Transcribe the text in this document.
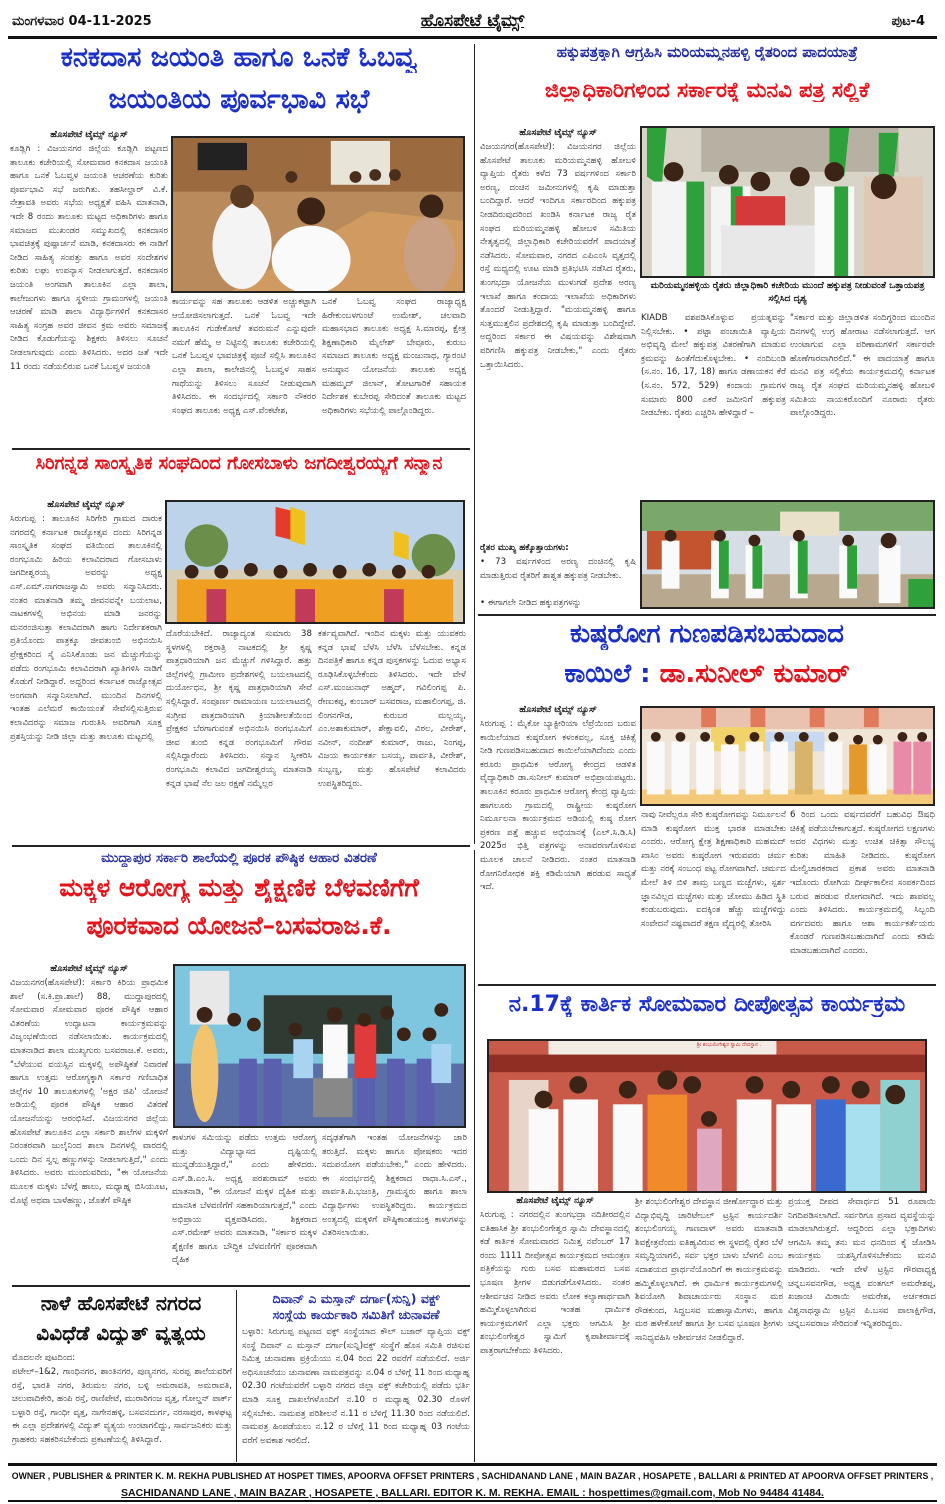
ಮಂಗಳವಾರ 04-11-2025	ಹೊಸಪೇಟೆ ಟೈಮ್ಸ್	ಪುಟ-4
ಕನಕದಾಸ ಜಯಂತಿ ಹಾಗೂ ಒನಕೆ ಓಬವ್ವ
ಜಯಂತಿಯ ಪೂರ್ವಭಾವಿ ಸಭೆ
ಹೊಸಪೇಟೆ ಟೈಮ್ಸ್ ನ್ಯೂಸ್
ಕೂಡ್ಲಿಗಿ : ವಿಜಯನಗರ ಜಿಲ್ಲೆಯ ಕೂಡ್ಲಿಗಿ ಪಟ್ಟಣದ ತಾಲೂಕು ಕಚೇರಿಯಲ್ಲಿ ಸೋಮವಾರ ಕನಕದಾಸ ಜಯಂತಿ ಹಾಗೂ ಒನಕೆ ಓಬವ್ವಳ ಜಯಂತಿ ಆಚರಣೆಯ ಕುರಿತು ಪೂರ್ವಭಾವಿ ಸಭೆ ಜರುಗಿತು. ತಹಸೀಲ್ದಾರ್ ವಿ.ಕೆ. ನೇತ್ರಾವತಿ ಅವರು ಸಭೆಯ ಅಧ್ಯಕ್ಷತೆ ವಹಿಸಿ ಮಾತನಾಡಿ, ಇದೇ 8 ರಂದು ತಾಲೂಕು ಮಟ್ಟದ ಅಧಿಕಾರಿಗಳು ಹಾಗೂ ಸಮಾಜದ ಮುಖಂಡರ ಸಮ್ಮುಖದಲ್ಲಿ ಕನಕದಾಸರ ಭಾವಚಿತ್ರಕ್ಕೆ ಪುಷ್ಪಾರ್ಚನೆ ಮಾಡಿ, ಕನಕದಾಸರು ಈ ನಾಡಿಗೆ ನೀಡಿದ ಸಾಹಿತ್ಯ ಸಂಪತ್ತು ಹಾಗೂ ಅವರ ಸಂದೇಶಗಳ ಕುರಿತು ಲಘು ಉಪನ್ಯಾಸ ನೀಡಲಾಗುತ್ತದೆ. ಕನಕದಾಸರ ಜಯಂತಿ ಅಂಗವಾಗಿ ತಾಲೂಕಿನ ಎಲ್ಲಾ ಶಾಲಾ, ಕಾಲೇಜುಗಳು ಹಾಗೂ ಸ್ಥಳೀಯ ಗ್ರಾಮಂಗಳಲ್ಲಿ ಜಯಂತಿ ಆಚರಣೆ ಮಾಡಿ ಶಾಲಾ ವಿದ್ಯಾರ್ಥಿಗಳಿಗೆ ಕನಕದಾಸರ ಸಾಹಿತ್ಯ ಸಂಗ್ರಹ ಅವರ ಜೀವನ ಕ್ರಮ ಅವರು ಸಮಾಜಕ್ಕೆ ನೀಡಿದ ಕೊಡುಗೆಯನ್ನು ಶಿಕ್ಷಕರು ತಿಳಿಸಲು ಸೂಚನೆ ನೀಡಲಾಗುವುದು ಎಂದು ತಿಳಿಸಿದರು. ಅದರ ಜತೆ ಇದೇ 11 ರಂದು ನಡೆಯಲಿರುವ ಒನಕೆ ಓಬವ್ವಳ ಜಯಂತಿ
ಕಾರ್ಯವನ್ನು ಸಹ ತಾಲೂಕು ಆಡಳಿತ ಅಚ್ಚುಕಟ್ಟಾಗಿ ಆಯೋಜಿಸಲಾಗುತ್ತದೆ. ಒನಕೆ ಓಬವ್ವ ಇದೇ ತಾಲೂಕಿನ ಗುಡೇಕೋಟೆ ತವರುಮನೆ ಎನ್ನುವುದೇ ನಮಗೆ ಹೆಮ್ಮೆ ಆ ನಿಟ್ಟಿನಲ್ಲಿ ತಾಲೂಕು ಕಚೇರಿಯಲ್ಲಿ ಒನಕೆ ಓಬವ್ವಳ ಭಾವಚಿತ್ರಕ್ಕೆ ಪೂಜೆ ಸಲ್ಲಿಸಿ ತಾಲೂಕಿನ ಎಲ್ಲಾ ಶಾಲಾ, ಕಾಲೇಜಿನಲ್ಲಿ ಓಬವ್ವಳ ಸಾಹಸ ಗಾಥೆಯನ್ನು ತಿಳಿಸಲು ಸೂಚನೆ ನೀಡುವುದಾಗಿ ತಿಳಿಸಿದರು. ಈ ಸಂದರ್ಭದಲ್ಲಿ ಸರ್ಕಾರಿ ನೌಕರರ ಸಂಘದ ತಾಲೂಕು ಅಧ್ಯಕ್ಷ ಎಸ್.ವೆಂಕಟೇಶ,
ಒನಕೆ ಓಬವ್ವ ಸಂಘದ ರಾಜ್ಯಾಧ್ಯಕ್ಷ ಹಿರೇಕುಂಬಳಗುಂಟೆ ಉಮೇಶ್, ಚಲವಾದಿ ಮಹಾಸಭಾದ ತಾಲೂಕು ಅಧ್ಯಕ್ಷ ಸಿ.ಮಾರಪ್ಪ, ಕ್ಷೇತ್ರ ಶಿಕ್ಷಣಾಧಿಕಾರಿ ಮೈಲೇಶ್ ಬೇವೂರು, ಕುರುಬ ಸಮಾಜದ ತಾಲೂಕು ಅಧ್ಯಕ್ಷ ಮಂಜುನಾಥ, ಗ್ಯಾರಂಟಿ ಅನುಷ್ಠಾನ ಯೋಜನೆಯ ತಾಲೂಕು ಅಧ್ಯಕ್ಷ ಮಹಮ್ಮದ್ ಜಿಲಾನ್, ತೋಟಗಾರಿಕೆ ಸಹಾಯಕ ನಿರ್ದೇಶಕ ಕುಬೇರಪ್ಪ ಸೇರಿದಂತೆ ತಾಲೂಕು ಮಟ್ಟದ ಅಧಿಕಾರಿಗಳು ಸಭೆಯಲ್ಲಿ ಪಾಲ್ಗೊಂಡಿದ್ದರು.
ಸಿರಿಗನ್ನಡ ಸಾಂಸ್ಕೃತಿಕ ಸಂಘದಿಂದ ಗೋಸಬಾಳು ಜಗದೀಶ್ವರಯ್ಯಗೆ ಸನ್ಮಾನ
ಹೊಸಪೇಟೆ ಟೈಮ್ಸ್ ನ್ಯೂಸ್
ಸಿರುಗುಪ್ಪ : ತಾಲೂಕಿನ ಸಿರಿಗೇರಿ ಗ್ರಾಮದ ದಾರುಕ ನಗರದಲ್ಲಿ ಕರ್ನಾಟಕ ರಾಜ್ಯೋತ್ಸವ ದಂದು ಸಿರಿಗನ್ನಡ ಸಾಂಸ್ಕೃತಿಕ ಸಂಘದ ವತಿಯಿಂದ ತಾಲೂಕಿನಲ್ಲಿ ರಂಗಭೂಮಿ ಹಿರಿಯ ಕಲಾವಿದರಾದ ಗೋಸಬಾಳು ಜಗದೀಶ್ವರಯ್ಯ ಅವರನ್ನು ಅಧ್ಯಕ್ಷ ಎಸ್.ಎಮ್.ನಾಗರಾಜಸ್ವಾಮಿ ಅವರು ಸನ್ಮಾನಿಸಿದರು. ನಂತರ ಮಾತನಾಡಿ ತಮ್ಮ ಜೀವನವನ್ನೇ ಬಯಲಾಟ, ನಾಟಕಗಳಲ್ಲಿ ಅಭಿನಯ ಮಾಡಿ ಜನರನ್ನು ಮನರಂಜಿಸುತ್ತಾ ಕಲಾವಿದರಾಗಿ ಹಾಗು ನಿರ್ದೇಶಕರಾಗಿ ಪ್ರತಿಯೊಂದು ಪಾತ್ರಕ್ಕೂ ಜೀವತುಂಬಿ ಅಭಿನಯಿಸಿ ಪ್ರೇಕ್ಷಕರಿಂದ ಸೈ ಎನಿಸಿಕೊಂಡು ಜನ ಮೆಚ್ಚುಗೆಯನ್ನು ಪಡೆದು ರಂಗಭೂಮಿ ಕಲಾವಿದರಾಗಿ ಖ್ಯಾತಿಗಳಿಸಿ ನಾಡಿಗೆ ಕೊಡುಗೆ ನೀಡಿದ್ದಾರೆ. ಅದ್ದರಿಂದ ಕರ್ನಾಟಕ ರಾಜ್ಯೋತ್ಸವ ಅಂಗವಾಗಿ ಸನ್ಮಾನಿಸಲಾಗಿದೆ. ಮುಂದಿನ ದಿನಗಳಲ್ಲಿ ಇಂತಹ ಎಲೆಮರೆ ಕಾಯಿಯಂತೆ ಸೇವೆಸಲ್ಲಿಸುತ್ತಿರುವ ಕಲಾವಿದರನ್ನು ಸಮಾಜ ಗುರುತಿಸಿ ಅವರಿಗಾಗಿ ಸೂಕ್ತ ಪ್ರಶಸ್ತಿಯನ್ನು ನೀಡಿ ಜಿಲ್ಲಾ ಮತ್ತು ತಾಲೂಕು ಮಟ್ಟದಲ್ಲಿ
ದೊರೆಯಬೇಕಿದೆ. ರಾಜ್ಯಾದ್ಯಂತ ಸುಮಾರು 38 ಸ್ಥಳಗಳಲ್ಲಿ ರಕ್ತರಾತ್ರಿ ನಾಟಕದಲ್ಲಿ ಶ್ರೀ ಕೃಷ್ಣ ಪಾತ್ರಧಾರಿಯಾಗಿ ಜನ ಮೆಚ್ಚುಗೆ ಗಳಿಸಿದ್ದಾರೆ. ಹತ್ತು ಜಿಲ್ಲೆಗಳಲ್ಲಿ ಗ್ರಾಮೀಣ ಪ್ರದೇಶಗಳಲ್ಲಿ ಬಯಲಾಟದಲ್ಲಿ ದುರ್ಯೋಧನ, ಶ್ರೀ ಕೃಷ್ಣ ಪಾತ್ರಧಾರಿಯಾಗಿ ಸೇವೆ ಸಲ್ಲಿಸಿದ್ದಾರೆ. ಸಂಪೂರ್ಣ ರಾಮಾಯಣ ಬಯಲಾಟದಲ್ಲಿ ಸುಗ್ರೀವ ಪಾತ್ರದಾರಿಯಾಗಿ ಕ್ರಿಯಾಶೀಲತೆಯಿಂದ ಪ್ರೇಕ್ಷಕರ ಬೆರಗಾಗುವಂತೆ ಅಭಿನಯಿಸಿ ರಂಗಭೂಮಿಗೆ ಜೀವ ತುಂಬಿ ಕನ್ನಡ ರಂಗಭೂಮಿಗೆ ಗೌರವ ಸಲ್ಲಿಸಿದ್ದಾರೆಂದು ತಿಳಿಸಿದರು. ಸನ್ಮಾನ ಸ್ವೀಕರಿಸಿ ರಂಗಭೂಮಿ ಕಲಾವಿದ ಜಗದೀಶ್ವರಯ್ಯ ಮಾತನಾಡಿ ಕನ್ನಡ ಭಾಷೆ ನೆಲ ಜಲ ರಕ್ಷಣೆ ನಮ್ಮೆಲ್ಲರ
ಕರ್ತವ್ಯವಾಗಿದೆ. ಇಂದಿನ ಮಕ್ಕಳು ಮತ್ತು ಯುವಕರು ಕನ್ನಡ ಭಾಷೆ ಬೆಳೆಸಿ ಬೆಳೆಸಿ ಬೆಳೆಸಬೇಕು. ಕನ್ನಡ ದಿನಪತ್ರಿಕೆ ಹಾಗೂ ಕನ್ನಡ ಪುಸ್ತಕಗಳನ್ನು ಓದುವ ಅಭ್ಯಾಸ ರೂಢಿಸಿಕೊಳ್ಳಬೇಕೆಂದು ತಿಳಿಸಿದರು. ಇದೇ ವೇಳೆ ಎಸ್.ಮಂಜುನಾಥ್ ಅಹ್ಮದ್, ಗವಿಲಿಂಗಪ್ಪ ಪಿ. ರೇಣುಕಪ್ಪ, ಕುಂಬಾರ್ ಬಸವರಾಜ, ಮಹಾಲಿಂಗಪ್ಪ, ಜಿ. ಲಿಂಗನಗೌಡ, ಕುರುಬರ ಮಲ್ಲಯ್ಯ, ಎಂ.ಅಶಾಕುಮಾರ್, ಶೇಕ್ಷಾವಲಿ, ವಿಠಲ, ವೀರೇಶ್, ನವೀನ್, ನಂದೀಶ್ ಕುಮಾರ್, ರಾಜು, ನಿಂಗಪ್ಪ, ವಿಜಯ ಕಾರ್ಯಕರ್ತ ಬಸಯ್ಯ, ಪಾರ್ವತಿ, ವೀರೇಶ್, ಸುಬ್ಬಣ್ಣ, ಮತ್ತು ಹೊಸಪೇಟೆ ಕಲಾವಿದರು ಉಪಸ್ಥಿತರಿದ್ದರು.
ಮುದ್ದಾಪುರ ಸರ್ಕಾರಿ ಶಾಲೆಯಲ್ಲಿ ಪೂರಕ ಪೌಷ್ಠಿಕ ಆಹಾರ ವಿತರಣೆ
ಮಕ್ಕಳ ಆರೋಗ್ಯ ಮತ್ತು ಶೈಕ್ಷಣಿಕ ಬೆಳವಣಿಗೆಗೆ
ಪೂರಕವಾದ ಯೋಜನೆ–ಬಸವರಾಜ.ಕೆ.
ಹೊಸಪೇಟೆ ಟೈಮ್ಸ್ ನ್ಯೂಸ್
ವಿಜಯನಗರ(ಹೊಸಪೇಟೆ): ಸರ್ಕಾರಿ ಕಿರಿಯ ಪ್ರಾಥಮಿಕ ಶಾಲೆ (ಸ.ಕಿ.ಪ್ರಾ.ಶಾಲೆ) 88, ಮುದ್ದಾಪುರದಲ್ಲಿ ಸೋಮವಾರ ಸೋಮವಾರ ಪೂರಕ ಪೌಷ್ಠಿಕ ಆಹಾರ ವಿತರಣೆಯ ಉದ್ಘಾಟನಾ ಕಾರ್ಯಕ್ರಮವನ್ನು ವಿಜೃಂಭಣೆಯಿಂದ ನಡೆಸಲಾಯಿತು. ಕಾರ್ಯಕ್ರಮದಲ್ಲಿ ಮಾತನಾಡಿದ ಶಾಲಾ ಮುಖ್ಯಗುರು ಬಸವರಾಜ.ಕೆ. ಅವರು, "ಬೆಳೆಯುವ ವಯಸ್ಸಿನ ಮಕ್ಕಳಲ್ಲಿ ಅಪೌಷ್ಠಿಕತೆ ನಿವಾರಣೆ ಹಾಗೂ ಉತ್ತಮ ಆರೋಗ್ಯಕ್ಕಾಗಿ ಸರ್ಕಾರ ಗಣಿಬಾಧಿತ ಜಿಲ್ಲೆಗಳ 10 ತಾಲೂಕುಗಳಲ್ಲಿ 'ಅಕ್ಷರ ಜಿಪಿ' ಯೋಜನೆ ಅಡಿಯಲ್ಲಿ ಪೂರಕ ಪೌಷ್ಠಿಕ ಆಹಾರ ವಿತರಣೆ ಯೋಜನೆಯನ್ನು ಆರಂಭಿಸಿದೆ. ವಿಜಯನಗರ ಜಿಲ್ಲೆಯ ಹೊಸಪೇಟೆ ತಾಲೂಕಿನ ಎಲ್ಲಾ ಸರ್ಕಾರಿ ಶಾಲೆಗಳ ಮಕ್ಕಳಿಗೆ ನಿರಂತರವಾಗಿ ಜುಲೈನಿಂದ ಶಾಲಾ ದಿನಗಳಲ್ಲಿ ವಾರದಲ್ಲಿ ಒಂದು ದಿನ ಸ್ವಲ್ಪ ಹಣ್ಣುಗಳನ್ನು ನೀಡಲಾಗುತ್ತಿದೆ," ಎಂದು ತಿಳಿಸಿದರು. ಅವರು ಮುಂದುವರಿದು, "ಈ ಯೋಜನೆಯ ಮೂಲಕ ಮಕ್ಕಳು ಬೆಳಗ್ಗೆ ಹಾಲು, ಮಧ್ಯಾಹ್ನ ಬಿಸಿಯೂಟ, ಮೊಟ್ಟೆ ಅಥವಾ ಬಾಳೆಹಣ್ಣು, ಜೊತೆಗೆ ಪೌಷ್ಠಿಕ
ಕಾಳುಗಳ ಸಮಿಯನ್ನು ಪಡೆದು ಉತ್ತಮ ಆರೋಗ್ಯ ಮತ್ತು ವಿದ್ಯಾಭ್ಯಾಸದ ದೃಷ್ಟಿಯಲ್ಲಿ ಮುನ್ನಡೆಯುತ್ತಿದ್ದಾರೆ," ಎಂದು ಹೇಳಿದರು. ಎಸ್.ಡಿ.ಎಂ.ಸಿ. ಅಧ್ಯಕ್ಷ ಪರಶುರಾಮ್ ಅವರು ಮಾತನಾಡಿ, "ಈ ಯೋಜನೆ ಮಕ್ಕಳ ದೈಹಿಕ ಮತ್ತು ಮಾನಸಿಕ ಬೆಳವಣಿಗೆಗೆ ಸಹಕಾರಿಯಾಗುತ್ತದೆ," ಎಂದು ಅಭಿಪ್ರಾಯ ವ್ಯಕ್ತಪಡಿಸಿದರು. ಶಿಕ್ಷಕರಾದ ಎಸ್.ರಮೇಶ್ ಅವರು ಮಾತನಾಡಿ, "ಸರ್ಕಾರ ಮಕ್ಕಳ ಶೈಕ್ಷಣಿಕ ಹಾಗೂ ಬೌದ್ಧಿಕ ಬೆಳವಣಿಗೆಗೆ ಪೂರಕವಾಗಿ ದೈಹಿಕ
ಸದೃಢತೆಗಾಗಿ ಇಂತಹ ಯೋಜನೆಗಳನ್ನು ಜಾರಿ ತರುತ್ತಿದೆ. ಮಕ್ಕಳು ಹಾಗೂ ಪೋಷಕರು ಇದರ ಸದುಪಯೋಗ ಪಡೆಯಬೇಕು," ಎಂದು ಹೇಳಿದರು. ಈ ಸಂದರ್ಭದಲ್ಲಿ ಶಿಕ್ಷಕರಾದ ರಾಧಾ.ಸಿ.ಎಸ್., ಪಾರ್ವತಿ.ಪಿ.ಭಜಂತ್ರಿ, ಗ್ರಾಮಸ್ಥರು ಹಾಗೂ ಶಾಲಾ ವಿದ್ಯಾರ್ಥಿಗಳು ಉಪಸ್ಥಿತರಿದ್ದರು. ಕಾರ್ಯಕ್ರಮದ ಅಂತ್ಯದಲ್ಲಿ ಮಕ್ಕಳಿಗೆ ಪೌಷ್ಠಿಕಾಂಶಯುಕ್ತ ಕಾಳುಗಳನ್ನು ವಿತರಿಸಲಾಯಿತು.
ನಾಳೆ ಹೊಸಪೇಟೆ ನಗರದ
ವಿವಿಧೆಡೆ ವಿದ್ಯುತ್ ವ್ಯತ್ಯಯ
ಮೊದಲನೇ ಪುಟದಿಂದ:
ಪಟೇಲ್–1&2, ಗಾಂಧಿನಗರ, ಶಾಂತಿನಗರ, ಪುಣ್ಯನಗರ, ಸುರಪ್ಪ ಶಾಲೆಯವರಿಗೆ ರಸ್ತೆ, ಭಾರತಿ ನಗರ, ತಿರುಮಲ ನಗರ, ಬಳ್ಳಿ ಅಮರಾವತಿ, ಅಮರಾವತಿ, ಚಲುವಾದಿಕೇರಿ, ಹಂಪಿ ರಸ್ತೆ, ರಾಣಿಪೇಟೆ, ಮುರಾರಿಗಂಜ ವೃತ್ತ, ಗೋಲ್ಡನ್ ಪಾರ್ಕ್ ಬಳ್ಳಾರಿ ರಸ್ತೆ, ಗಾಂಧೀ ವೃತ್ತ, ನಾಗೇನಹಳ್ಳಿ, ಬಸವನದುರ್ಗ, ನರಸಾಪುರ, ಕಾಳಘಟ್ಟ ಈ ಎಲ್ಲಾ ಪ್ರದೇಶಗಳಲ್ಲಿ ವಿದ್ಯುತ್ ವ್ಯತ್ಯಯ ಉಂಟಾಗಲಿದ್ದು, ಸಾರ್ವಜನಿಕರು ಮತ್ತು ಗ್ರಾಹಕರು ಸಹಕರಿಸಬೇಕೆಂದು ಪ್ರಕಟಣೆಯಲ್ಲಿ ತಿಳಿಸಿದ್ದಾರೆ.
ದಿವಾನ್ ಎ ಮಸ್ತಾನ್ ದರ್ಗಾ(ಸುನ್ನಿ) ವಕ್ಫ್
ಸಂಸ್ಥೆಯ ಕಾರ್ಯಕಾರಿ ಸಮಿತಿಗೆ ಚುನಾವಣೆ
ಬಳ್ಳಾರಿ: ಸಿರುಗುಪ್ಪ ಪಟ್ಟಣದ ವಕ್ಫ್ ಸಂಸ್ಥೆಯಾದ ಕೌಲ್ ಬಜಾರ್ ವ್ಯಾಪ್ತಿಯ ವಕ್ಫ್ ಸಂಸ್ಥೆ ದಿವಾನ್ ಎ ಮಸ್ತಾನ್ ದರ್ಗಾ(ಸುನ್ನಿ)ವಕ್ಫ್ ಸಂಸ್ಥೆಗೆ ಹೊಸ ಸಮಿತಿ ರಚಿಸುವ ನಿಮಿತ್ತ ಚುನಾವಣಾ ಪ್ರಕ್ರಿಯೆಯು ನ.04 ರಿಂದ 22 ರವರೆಗೆ ನಡೆಯಲಿದೆ. ಅರ್ಜಿ ಅಧಿಸೂಚನೆಯು ಚುನಾವಣಾ ನಾಮಪತ್ರವನ್ನು ನ.04 ರ ಬೆಳಿಗ್ಗೆ 11 ರಿಂದ ಮಧ್ಯಾಹ್ನ 02.30 ಗಂಟೆಯವರೆಗೆ ಬಳ್ಳಾರಿ ನಗರದ ಜಿಲ್ಲಾ ವಕ್ಫ್ ಕಚೇರಿಯಲ್ಲಿ ಪಡೆದು ಭರ್ತಿ ಮಾಡಿ ಸೂಕ್ತ ದಾಖಲೆಗಳೊಂದಿಗೆ ನ.10 ರ ಮಧ್ಯಾಹ್ನ 02.30 ರೊಳಗೆ ಸಲ್ಲಿಸಬೇಕು. ನಾಮಪತ್ರ ಪರಿಶೀಲನೆ ನ.11 ರ ಬೆಳಿಗ್ಗೆ 11.30 ರಿಂದ ನಡೆಯಲಿದೆ. ನಾಮಪತ್ರ ಹಿಂಪಡೆಯಲು ನ.12 ರ ಬೆಳಿಗ್ಗೆ 11 ರಿಂದ ಮಧ್ಯಾಹ್ನ 03 ಗಂಟೆಯ ವರೆಗೆ ಅವಕಾಶ ಇರಲಿದೆ.
ಹಕ್ಕುಪತ್ರಕ್ಕಾಗಿ ಆಗ್ರಹಿಸಿ ಮರಿಯಮ್ಮನಹಳ್ಳಿ ರೈತರಿಂದ ಪಾದಯಾತ್ರೆ
ಜಿಲ್ಲಾಧಿಕಾರಿಗಳಿಂದ ಸರ್ಕಾರಕ್ಕೆ ಮನವಿ ಪತ್ರ ಸಲ್ಲಿಕೆ
ಹೊಸಪೇಟೆ ಟೈಮ್ಸ್ ನ್ಯೂಸ್
ವಿಜಯನಗರ(ಹೊಸಪೇಟೆ): ವಿಜಯನಗರ ಜಿಲ್ಲೆಯ ಹೊಸಪೇಟೆ ತಾಲೂಕು ಮರಿಯಮ್ಮನಹಳ್ಳಿ ಹೋಬಳಿ ವ್ಯಾಪ್ತಿಯ ರೈತರು ಕಳೆದ 73 ವರ್ಷಗಳಿಂದ ಸರ್ಕಾರಿ ಅರಣ್ಯ, ದಂಚಿನ ಜಮೀನುಗಳಲ್ಲಿ ಕೃಷಿ ಮಾಡುತ್ತಾ ಬಂದಿದ್ದಾರೆ. ಆದರೆ ಇಂದಿಗೂ ಸರ್ಕಾರದಿಂದ ಹಕ್ಕುಪತ್ರ ನೀಡದಿರುವುದರಿಂದ ಖಂಡಿಸಿ ಕರ್ನಾಟಕ ರಾಜ್ಯ ರೈತ ಸಂಘದ ಮರಿಯಮ್ಮನಹಳ್ಳಿ ಹೋಬಳಿ ಸಮಿತಿಯ ನೇತೃತ್ವದಲ್ಲಿ ಜಿಲ್ಲಾಧಿಕಾರಿ ಕಚೇರಿಯವರೆಗೆ ಪಾದಯಾತ್ರೆ ನಡೆಸಿದರು. ಸೋಮವಾರ, ನಗರದ ಎಪಿಎಂಸಿ ವೃತ್ತದಲ್ಲಿ ರಸ್ತೆ ಮಧ್ಯದಲ್ಲಿ ಊಟ ಮಾಡಿ ಪ್ರತಿಭಟಿಸಿ ನಡೆಸಿದ ರೈತರು, ತುಂಗಭದ್ರಾ ಯೋಜನೆಯ ಮುಳುಗಡೆ ಪ್ರದೇಶ ಅರಣ್ಯ ಇಲಾಖೆ ಹಾಗೂ ಕಂದಾಯ ಇಲಾಖೆಯ ಅಧಿಕಾರಿಗಳು ತೊಂದರೆ ನೀಡುತ್ತಿದ್ದಾರೆ. "ಮಯಮ್ಮನಹಳ್ಳಿ ಹಾಗೂ ಸುತ್ತಮುತ್ತಲಿನ ಪ್ರದೇಶದಲ್ಲಿ ಕೃಷಿ ಮಾಡುತ್ತಾ ಬಂದಿದ್ದೇವೆ. ಅದ್ದರಿಂದ ಸರ್ಕಾರ ಈ ವಿಷಯವನ್ನು ವಿಶೇಷವಾಗಿ ಪರಿಗಣಿಸಿ ಹಕ್ಕುಪತ್ರ ನೀಡಬೇಕು," ಎಂದು ರೈತರು ಒತ್ತಾಯಿಸಿದರು.
ಮರಿಯಮ್ಮನಹಳ್ಳಿಯ ರೈತರು ಜಿಲ್ಲಾಧಿಕಾರಿ ಕಚೇರಿಯ ಮುಂದೆ ಹಕ್ಕುಪತ್ರ ನೀಡುವಂತೆ ಒತ್ತಾಯಪತ್ರ ಸಲ್ಲಿಸಿದ ದೃಶ್ಯ
KIADB ವಶಪಡಿಸಿಕೊಳ್ಳುವ ಪ್ರಯತ್ನವನ್ನು ನಿಲ್ಲಿಸಬೇಕು. • ಪಟ್ಟಾ ಪಂಚಾಯಿತಿ ವ್ಯಾಪ್ತಿಯ ಅಭಿವೃದ್ಧಿ ಮೇಲೆ ಹಕ್ಕುಪತ್ರ ವಿತರಣೆಗಾಗಿ ಮಾಡುವ ಕ್ರಮವನ್ನು ಹಿಂತೆಗೆದುಕೊಳ್ಳಬೇಕು. • ನಂದಿಬಂಡಿ (ಸ.ನಂ. 16, 17, 18) ಹಾಗೂ ಡಣಾಯಕನ ಕೆರೆ (ಸ.ನಂ. 572, 529) ಕಂದಾಯ ಗ್ರಾಮಗಳ ಸುಮಾರು 800 ಎಕರೆ ಜಮೀನಿಗೆ ಹಕ್ಕುಪತ್ರ ನೀಡಬೇಕು. ರೈತರು ಎಚ್ಚರಿಸಿ ಹೇಳಿದ್ದಾರೆ –
"ಸರ್ಕಾರ ಮತ್ತು ಜಿಲ್ಲಾಡಳಿತ ಸಂದಿಗ್ಧರಿಂದ ಮುಂದಿನ ದಿನಗಳಲ್ಲಿ ಉಗ್ರ ಹೋರಾಟ ನಡೆಸಲಾಗುತ್ತದೆ. ಆಗ ಉಂಟಾಗುವ ಎಲ್ಲಾ ಪರಿಣಾಮಗಳಿಗೆ ಸರ್ಕಾರವೇ ಹೊಣೆಗಾರವಾಗಿರಲಿದೆ." ಈ ಪಾದಯಾತ್ರೆ ಹಾಗೂ ಮನವಿ ಪತ್ರ ಸಲ್ಲಿಕೆಯ ಕಾರ್ಯಕ್ರಮದಲ್ಲಿ ಕರ್ನಾಟಕ ರಾಜ್ಯ ರೈತ ಸಂಘದ ಮರಿಯಮ್ಮನಹಳ್ಳಿ ಹೋಬಳಿ ಸಮಿತಿಯ ನಾಯಕರೊಂದಿಗೆ ನೂರಾರು ರೈತರು ಪಾಲ್ಗೊಂಡಿದ್ದರು.
ರೈತರ ಮುಖ್ಯ ಹಕ್ಕೊತ್ತಾಯಗಳು:
• 73 ವರ್ಷಗಳಿಂದ ಅರಣ್ಯ ದಂಚಿನಲ್ಲಿ ಕೃಷಿ ಮಾಡುತ್ತಿರುವ ರೈತರಿಗೆ ಶಾಶ್ವತ ಹಕ್ಕುಪತ್ರ ನೀಡಬೇಕು.
• ಈಗಾಗಲೇ ನೀಡಿದ ಹಕ್ಕುಪತ್ರಗಳನ್ನು
ಕುಷ್ಠರೋಗ ಗುಣಪಡಿಸಬಹುದಾದ
ಕಾಯಿಲೆ : ಡಾ.ಸುನೀಲ್ ಕುಮಾರ್
ಹೊಸಪೇಟೆ ಟೈಮ್ಸ್ ನ್ಯೂಸ್
ಸಿರುಗುಪ್ಪ : ಮೈಕೋ ಬ್ಯಾಕ್ಟೀರಿಯಾ ಲೆಪ್ರೆಯಿಂದ ಬರುವ ಕಾಯಿಲೆಯಾದ ಕುಷ್ಠರೋಗ ಕಳಂಕವಲ್ಲ, ಸೂಕ್ತ ಚಿಕಿತ್ಸೆ ನೀಡಿ ಗುಣಪಡಿಸಬಹುದಾದ ಕಾಯಿಲೆಯಾಗಿದೆಂದು ಎಂದು ಕರೂರು ಪ್ರಾಥಮಿಕ ಆರೋಗ್ಯ ಕೇಂದ್ರದ ಆಡಳಿತ ವೈದ್ಯಾಧಿಕಾರಿ ಡಾ.ಸುನೀಲ್ ಕುಮಾರ್ ಅಭಿಪ್ರಾಯಪಟ್ಟರು. ತಾಲೂಕಿನ ಕರೂರು ಪ್ರಾಥಮಿಕ ಆರೋಗ್ಯ ಕೇಂದ್ರ ವ್ಯಾಪ್ತಿಯ ಹಾಗಲೂರು ಗ್ರಾಮದಲ್ಲಿ ರಾಷ್ಟ್ರೀಯ ಕುಷ್ಠರೋಗ ನಿರ್ಮೂಲನಾ ಕಾರ್ಯಕ್ರಮದ ಅಡಿಯಲ್ಲಿ ಕುಷ್ಠ ರೋಗ ಪ್ರಕರಣ ಪತ್ತೆ ಹಚ್ಚುವ ಅಭಿಯಾನಕ್ಕೆ (ಎಲ್.ಸಿ.ಡಿ.ಸಿ) 2025ರ ಭಿತ್ತಿ ಪತ್ರಗಳನ್ನು ಅನಾವರಣಗೊಳಿಸುವ ಮೂಲಕ ಚಾಲನೆ ನೀಡಿದರು. ನಂತರ ಮಾತನಾಡಿ ರೋಗನಿರೋಧಕ ಶಕ್ತಿ ಕಡಿಮೆಯಾಗಿ ಹರಡುವ ಸಾಧ್ಯತೆ ಇದೆ.
ನಾವು ನೀವೆಲ್ಲರೂ ಸೇರಿ ಕುಷ್ಠರೋಗವನ್ನು ನಿರ್ಮೂಲನೆ ಮಾಡಿ ಕುಷ್ಠರೋಗ ಮುಕ್ತ ಭಾರತ ಮಾಡಬೇಕು ಎಂದರು. ಆರೋಗ್ಯ ಕ್ಷೇತ್ರ ಶಿಕ್ಷಣಾಧಿಕಾರಿ ಮಹಮದ್ ಖಾಸಿಂ ಅವರು ಕುಷ್ಠರೋಗ ಇರುವವರು ಚರ್ಮ ಮತ್ತು ನರಕ್ಕೆ ಸಂಬಂಧ ಪಟ್ಟ ರೋಗವಾಗಿದೆ. ಚರ್ಮದ ಮೇಲೆ ತಿಳಿ ಬಿಳಿ ತಾಮ್ರ ಬಣ್ಣದ ಮಚ್ಚೆಗಳು, ಸ್ಪರ್ಶ ಜ್ಞಾನವಿಲ್ಲದ ಮಚ್ಚೆಗಳು ಮತ್ತು ಜೋಮು ಹಿಡಿದ ಸ್ಥಿತಿ ಕಂಡುಬರುವುದು. ಐದಕ್ಕಿಂತ ಹೆಚ್ಚು ಮಚ್ಚೆಗಳಿದ್ದು ಸಂವೇದನೆ ನಷ್ಟವಾದರೆ ತಕ್ಷಣ ವೈದ್ಯರಲ್ಲಿ ತೋರಿಸಿ
6 ರಿಂದ ಒಂದು ವರ್ಷದವರೆಗೆ ಬಹುವಿಧ ಔಷಧಿ ಚಿಕಿತ್ಸೆ ಪಡೆಯಬೇಕಾಗುತ್ತದೆ. ಕುಷ್ಠರೋಗದ ಲಕ್ಷಣಗಳು ಅದರ ವಿಧಗಳು ಮತ್ತು ಉಚಿತ ಚಿಕಿತ್ಸಾ ಸೌಲಭ್ಯ ಕುರಿತು ಮಾಹಿತಿ ನೀಡಿದರು. ಕುಷ್ಠರೋಗ ಮೇಲ್ವಿಚಾರಕರಾದ ಪ್ರಕಾಶ ಅವರು ಮಾತನಾಡಿ ಇದೊಂದು ರೋಗಿಯ ದೀರ್ಘಕಾಲೀನ ಸಂಪರ್ಕದಿಂದ ಬರುವ ಹರಡುವ ರೋಗವಾಗಿದೆ. ಇದು ಶಾಪವಲ್ಲ ಎಂದು ತಿಳಿಸಿದರು. ಕಾರ್ಯಕ್ರಮದಲ್ಲಿ ಸಿಬ್ಬಂದಿ ವರ್ಗದವರು ಹಾಗೂ ಆಶಾ ಕಾರ್ಯಕರ್ತೆಯರು ಕೊಂಡರೆ ಗುಣಪಡಿಸಬಹುದಾಗಿದೆ ಎಂದು ಕಡಿಮೆ ಮಾಡಬಹುದಾಗಿದೆ ಎಂದರು.
ನ.17ಕ್ಕೆ ಕಾರ್ತಿಕ ಸೋಮವಾರ ದೀಪೋತ್ಸವ ಕಾರ್ಯಕ್ರಮ
ಶ್ರೀ ಶಂಭುಲಿಂಗೇಶ್ವರ ಸ್ವಾಮಿ ದೇವಸ್ಥಾನ .
ಹೊಸಪೇಟೆ ಟೈಮ್ಸ್ ನ್ಯೂಸ್
ಸಿರುಗುಪ್ಪ : ನಗರದಲ್ಲಿನ ತುಂಗಭದ್ರಾ ನದಿತೀರದಲ್ಲಿನ ಐತಿಹಾಸಿಕ ಶ್ರೀ ಶಂಭುಲಿಂಗೇಶ್ವರ ಸ್ವಾಮಿ ದೇವಸ್ಥಾನದಲ್ಲಿ ಕಡೆ ಕಾರ್ತಿಕ ಸೋಮವಾರದ ನಿಮಿತ್ತ ನವೆಂಬರ್ 17 ರಂದು 1111 ದೀಪೋತ್ಸವ ಕಾರ್ಯಕ್ರಮದ ಆಮಂತ್ರಣ ಪತ್ರಿಕೆಯನ್ನು ಗುರು ಬಸವ ಮಹಾಮಠದ ಬಸವ ಭೂಷಣ ಶ್ರೀಗಳ ಬಿಡುಗಡೆಗೊಳಿಸಿದರು. ನಂತರ ಆಶೀರ್ವಚನ ನೀಡಿದ ಅವರು ಲೋಕ ಕಲ್ಯಾಣಾರ್ಥವಾಗಿ ಹಮ್ಮಿಕೊಳ್ಳಲಾಗಿರುವ ಇಂತಹ ಧಾರ್ಮಿಕ ಕಾರ್ಯಕ್ರಮಗಳಿಗೆ ಎಲ್ಲಾ ಭಕ್ತರು ಆಗಮಿಸಿ ಶ್ರೀ ಶಂಭುಲಿಂಗೇಶ್ವರ ಸ್ವಾಮಿಗೆ ಕೃಪಾಶೀರ್ವಾದಕ್ಕೆ ಪಾತ್ರರಾಗಬೇಕೆಂದು ತಿಳಿಸಿದರು.
ಶ್ರೀ ಶಂಭುಲಿಂಗೇಶ್ವರ ದೇವಸ್ಥಾನ ಜೀರ್ಣೋದ್ಧಾರ ಮತ್ತು ವಿದ್ಯಾಭಿವೃದ್ಧಿ ಚಾರಿಟೇಬಲ್ ಟ್ರಸ್ಟಿನ ಕಾರ್ಯದರ್ಶಿ ಶಂಭುಲಿಂಗಯ್ಯ ಗಾಣದಾಳ್ ಅವರು ಮಾತನಾಡಿ ಶಿವಕ್ಷೇತ್ರವೆಂದು ಐತಿಹ್ಯವಿರುವ ಈ ಸ್ಥಳದಲ್ಲಿ ರೈತರ ಬೆಳೆ ಸಮೃದ್ಧಿಯಾಗಲಿ, ಸರ್ವ ಭಕ್ತರ ಬಾಳು ಬೆಳಗಲಿ ಎಂಬ ಸದಾಶಯದ ಪ್ರಾರ್ಥನೆಯೊಂದಿಗೆ ಈ ಕಾರ್ಯಕ್ರಮವನ್ನು ಹಮ್ಮಿಕೊಳ್ಳಲಾಗಿದೆ. ಈ ಧಾರ್ಮಿಕ ಕಾರ್ಯಕ್ರಮಗಳಲ್ಲಿ ಶಿವಯೋಗಿ ಶಿವಾಚಾರ್ಯರು ಸಂಸ್ಥಾನ ಮಠ ರೌಡಕುಂದ, ಸಿದ್ಧಬಸವ ಮಹಾಸ್ವಾಮಿಗಳು, ಹಾಗೂ ಮಠ ಹಳೇಕೋಟೆ ಹಾಗೂ ಶ್ರೀ ಬಸವ ಭೂಷಣ ಶ್ರೀಗಳು ಸಾನಿಧ್ಯವಹಿಸಿ ಆಶೀರ್ವಚನ ನೀಡಲಿದ್ದಾರೆ.
ಪ್ರಯುಕ್ತ ದೀಪದ ಸೇವಾರ್ಥದ 51 ರೂಪಾಯಿ ನಿಗದಿಪಡಿಸಲಾಗಿದೆ. ಸರ್ವರಿಗೂ ಪ್ರಸಾದ ವ್ಯವಸ್ಥೆಯನ್ನು ಮಾಡಲಾಗಿರುತ್ತದೆ. ಆದ್ದರಿಂದ ಎಲ್ಲಾ ಭಕ್ತಾದಿಗಳು ಆಗಮಿಸಿ ತಮ್ಮ ತನು ಮನ ಧನದಿಂದ ಕೈ ಜೋಡಿಸಿ ಕಾರ್ಯಕ್ರಮ ಯಶಸ್ವಿಗೊಳಿಸಬೇಕೆಂದು ಮನವಿ ಮಾಡಿದರು. ಇದೇ ವೇಳೆ ಟ್ರಸ್ಟಿನ ಗೌರವಾಧ್ಯಕ್ಷ ಚನ್ನಬಸವನಗೌಡ, ಅಧ್ಯಕ್ಷ ವಂತಗಲ್ ಅಮರೇಶಪ್ಪ, ಖಜಾಂಚಿ ಮಿಠಾಯಿ ಅಮರೇಶ, ಅರ್ಚಕರಾದ ವಿಶ್ವನಾಥಸ್ವಾಮಿ ಟ್ರಸ್ಟಿನ ಪಿ.ಬಸವ ಪಾಲಾಕ್ಷಿಗೌಡ, ಚನ್ನಬಸವರಾಜ ಸೇರಿದಂತೆ ಇನ್ನಿತರರಿದ್ದರು.
OWNER , PUBLISHER & PRINTER K. M. REKHA PUBLISHED AT HOSPET TIMES, APOORVA OFFSET PRINTERS , SACHIDANAND LANE , MAIN BAZAR , HOSAPETE , BALLARI & PRINTED AT APOORVA OFFSET PRINTERS ,
SACHIDANAND LANE , MAIN BAZAR , HOSAPETE , BALLARI. EDITOR K. M. REKHA. EMAIL : hospettimes@gmail.com, Mob No 94484 41484.
